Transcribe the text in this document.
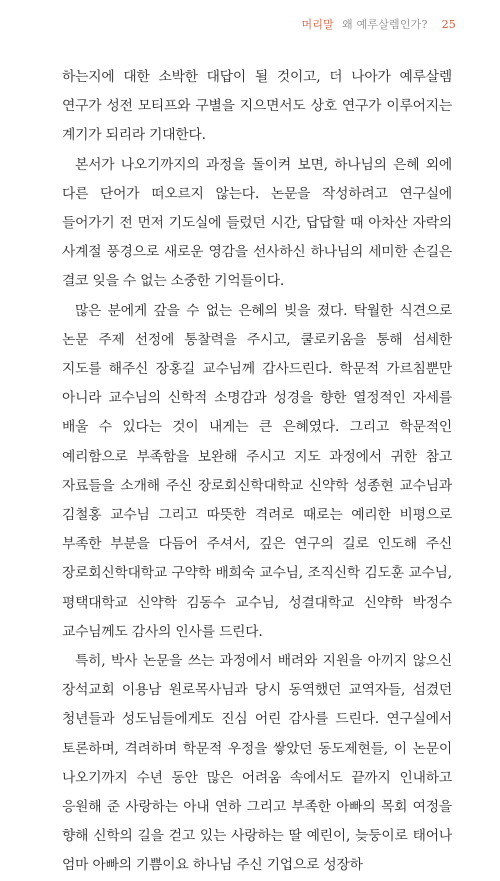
머리말 왜 예루살렘인가? 25

하는지에 대한 소박한 대답이 될 것이고, 더 나아가 예루살렘 연구가 성전 모티프와 구별을 지으면서도 상호 연구가 이루어지는 계기가 되리라 기대한다.

본서가 나오기까지의 과정을 돌이켜 보면, 하나님의 은혜 외에 다른 단어가 떠오르지 않는다. 논문을 작성하려고 연구실에 들어가기 전 먼저 기도실에 들렀던 시간, 답답할 때 아차산 자락의 사계절 풍경으로 새로운 영감을 선사하신 하나님의 세미한 손길은 결코 잊을 수 없는 소중한 기억들이다.

많은 분에게 갚을 수 없는 은혜의 빚을 졌다. 탁월한 식견으로 논문 주제 선정에 통찰력을 주시고, 쿨로키움을 통해 섬세한 지도를 해주신 장홍길 교수님께 감사드린다. 학문적 가르침뿐만 아니라 교수님의 신학적 소명감과 성경을 향한 열정적인 자세를 배울 수 있다는 것이 내게는 큰 은혜였다. 그리고 학문적인 예리함으로 부족함을 보완해 주시고 지도 과정에서 귀한 참고 자료들을 소개해 주신 장로회신학대학교 신약학 성종현 교수님과 김철홍 교수님 그리고 따뜻한 격려로 때로는 예리한 비평으로 부족한 부분을 다듬어 주셔서, 깊은 연구의 길로 인도해 주신 장로회신학대학교 구약학 배희숙 교수님, 조직신학 김도훈 교수님, 평택대학교 신약학 김동수 교수님, 성결대학교 신약학 박정수 교수님께도 감사의 인사를 드린다.

특히, 박사 논문을 쓰는 과정에서 배려와 지원을 아끼지 않으신 장석교회 이용남 원로목사님과 당시 동역했던 교역자들, 섬겼던 청년들과 성도님들에게도 진심 어린 감사를 드린다. 연구실에서 토론하며, 격려하며 학문적 우정을 쌓았던 동도제현들, 이 논문이 나오기까지 수년 동안 많은 어려움 속에서도 끝까지 인내하고 응원해 준 사랑하는 아내 연하 그리고 부족한 아빠의 목회 여정을 향해 신학의 길을 걷고 있는 사랑하는 딸 예린이, 늦둥이로 태어나 엄마 아빠의 기쁨이요 하나님 주신 기업으로 성장하
